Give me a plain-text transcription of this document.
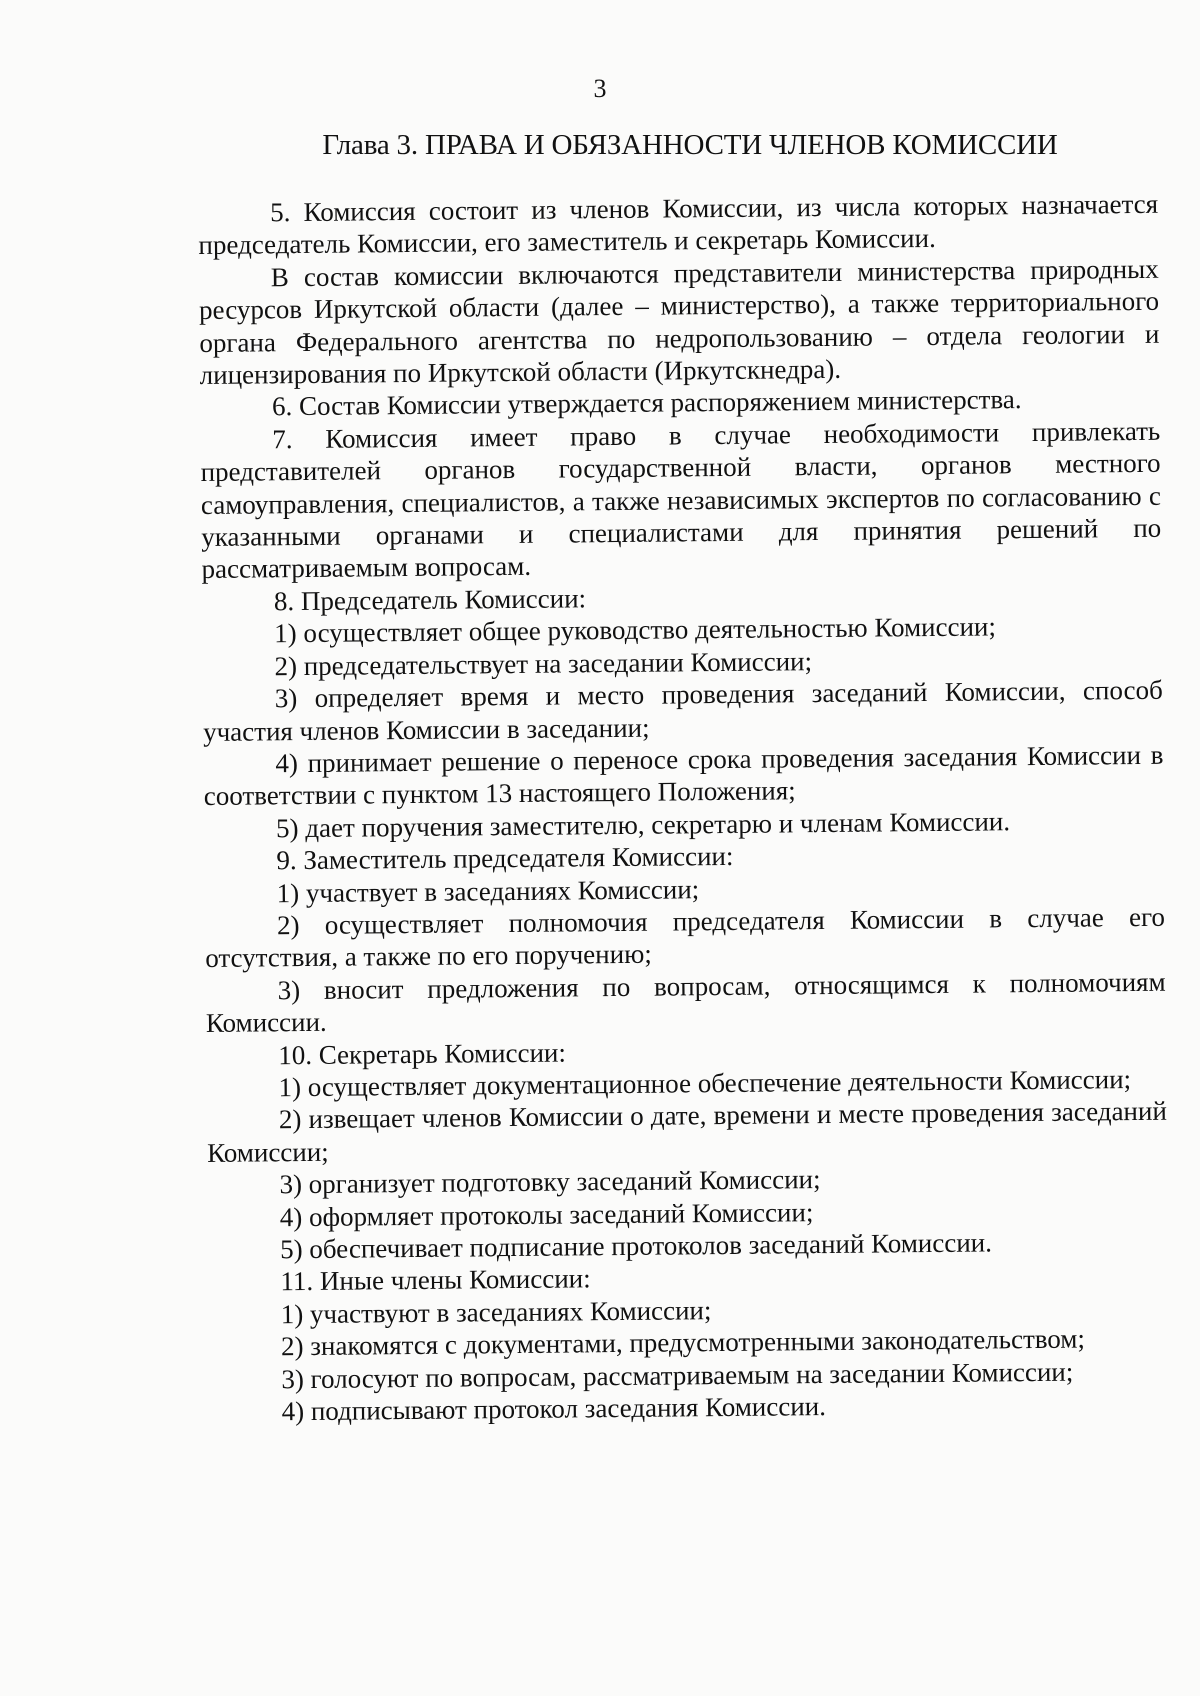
3
Глава 3. ПРАВА И ОБЯЗАННОСТИ ЧЛЕНОВ КОМИССИИ

5. Комиссия состоит из членов Комиссии, из числа которых назначается председатель Комиссии, его заместитель и секретарь Комиссии.

В состав комиссии включаются представители министерства природных ресурсов Иркутской области (далее – министерство), а также территориального органа Федерального агентства по недропользованию – отдела геологии и лицензирования по Иркутской области (Иркутскнедра).

6. Состав Комиссии утверждается распоряжением министерства.

7. Комиссия имеет право в случае необходимости привлекать представителей органов государственной власти, органов местного самоуправления, специалистов, а также независимых экспертов по согласованию с указанными органами и специалистами для принятия решений по рассматриваемым вопросам.

8. Председатель Комиссии:

1) осуществляет общее руководство деятельностью Комиссии;

2) председательствует на заседании Комиссии;

3) определяет время и место проведения заседаний Комиссии, способ участия членов Комиссии в заседании;

4) принимает решение о переносе срока проведения заседания Комиссии в соответствии с пунктом 13 настоящего Положения;

5) дает поручения заместителю, секретарю и членам Комиссии.

9. Заместитель председателя Комиссии:

1) участвует в заседаниях Комиссии;

2) осуществляет полномочия председателя Комиссии в случае его отсутствия, а также по его поручению;

3) вносит предложения по вопросам, относящимся к полномочиям Комиссии.

10. Секретарь Комиссии:

1) осуществляет документационное обеспечение деятельности Комиссии;

2) извещает членов Комиссии о дате, времени и месте проведения заседаний Комиссии;

3) организует подготовку заседаний Комиссии;

4) оформляет протоколы заседаний Комиссии;

5) обеспечивает подписание протоколов заседаний Комиссии.

11. Иные члены Комиссии:

1) участвуют в заседаниях Комиссии;

2) знакомятся с документами, предусмотренными законодательством;

3) голосуют по вопросам, рассматриваемым на заседании Комиссии;

4) подписывают протокол заседания Комиссии.
